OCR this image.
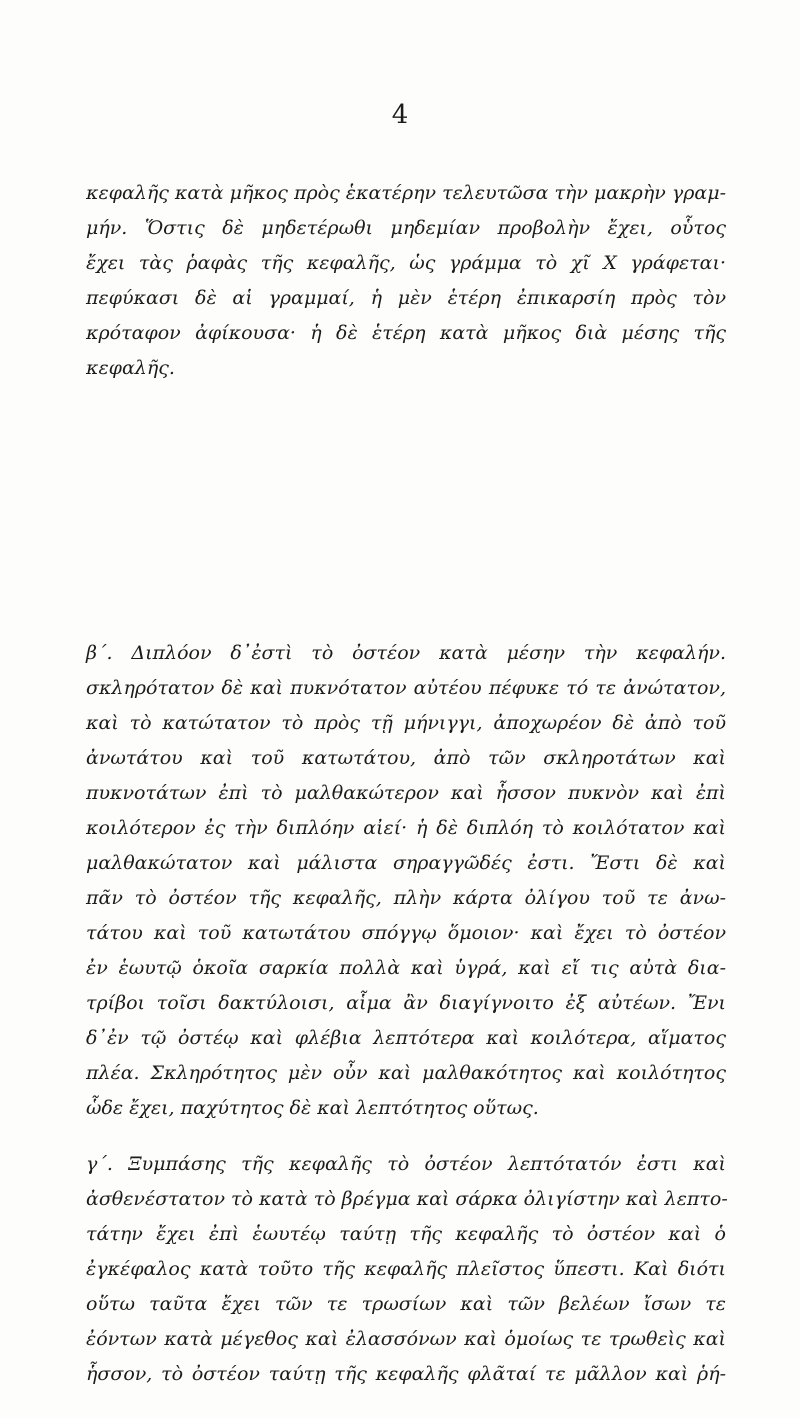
4
κεφαλῆς κατὰ μῆκος πρὸς ἑκατέρην τελευτῶσα τὴν μακρὴν γραμ-
μήν. Ὅστις δὲ μηδετέρωθι μηδεμίαν προβολὴν ἔχει, οὗτος
ἔχει τὰς ῥαφὰς τῆς κεφαλῆς, ὡς γράμμα τὸ χῖ Χ γράφεται·
πεφύκασι δὲ αἱ γραμμαί, ἡ μὲν ἑτέρη ἐπικαρσίη πρὸς τὸν
κρόταφον ἀφίκουσα· ἡ δὲ ἑτέρη κατὰ μῆκος διὰ μέσης τῆς
κεφαλῆς.
β΄. Διπλόον δ᾽ἐστὶ τὸ ὀστέον κατὰ μέσην τὴν κεφαλήν.
σκληρότατον δὲ καὶ πυκνότατον αὐτέου πέφυκε τό τε ἀνώτατον,
καὶ τὸ κατώτατον τὸ πρὸς τῇ μήνιγγι, ἀποχωρέον δὲ ἀπὸ τοῦ
ἀνωτάτου καὶ τοῦ κατωτάτου, ἀπὸ τῶν σκληροτάτων καὶ
πυκνοτάτων ἐπὶ τὸ μαλθακώτερον καὶ ἧσσον πυκνὸν καὶ ἐπὶ
κοιλότερον ἐς τὴν διπλόην αἰεί· ἡ δὲ διπλόη τὸ κοιλότατον καὶ
μαλθακώτατον καὶ μάλιστα σηραγγῶδές ἐστι. Ἔστι δὲ καὶ
πᾶν τὸ ὀστέον τῆς κεφαλῆς, πλὴν κάρτα ὀλίγου τοῦ τε ἀνω-
τάτου καὶ τοῦ κατωτάτου σπόγγῳ ὅμοιον· καὶ ἔχει τὸ ὀστέον
ἐν ἑωυτῷ ὁκοῖα σαρκία πολλὰ καὶ ὑγρά, καὶ εἴ τις αὐτὰ δια-
τρίβοι τοῖσι δακτύλοισι, αἷμα ἂν διαγίγνοιτο ἐξ αὐτέων. Ἔνι
δ᾽ἐν τῷ ὀστέῳ καὶ φλέβια λεπτότερα καὶ κοιλότερα, αἵματος
πλέα. Σκληρότητος μὲν οὖν καὶ μαλθακότητος καὶ κοιλότητος
ὧδε ἔχει, παχύτητος δὲ καὶ λεπτότητος οὕτως.
γ΄. Ξυμπάσης τῆς κεφαλῆς τὸ ὀστέον λεπτότατόν ἐστι καὶ
ἀσθενέστατον τὸ κατὰ τὸ βρέγμα καὶ σάρκα ὀλιγίστην καὶ λεπτο-
τάτην ἔχει ἐπὶ ἑωυτέῳ ταύτῃ τῆς κεφαλῆς τὸ ὀστέον καὶ ὁ
ἐγκέφαλος κατὰ τοῦτο τῆς κεφαλῆς πλεῖστος ὕπεστι. Καὶ διότι
οὕτω ταῦτα ἔχει τῶν τε τρωσίων καὶ τῶν βελέων ἴσων τε
ἐόντων κατὰ μέγεθος καὶ ἐλασσόνων καὶ ὁμοίως τε τρωθεὶς καὶ
ἧσσον, τὸ ὀστέον ταύτῃ τῆς κεφαλῆς φλᾶταί τε μᾶλλον καὶ ῥή-
